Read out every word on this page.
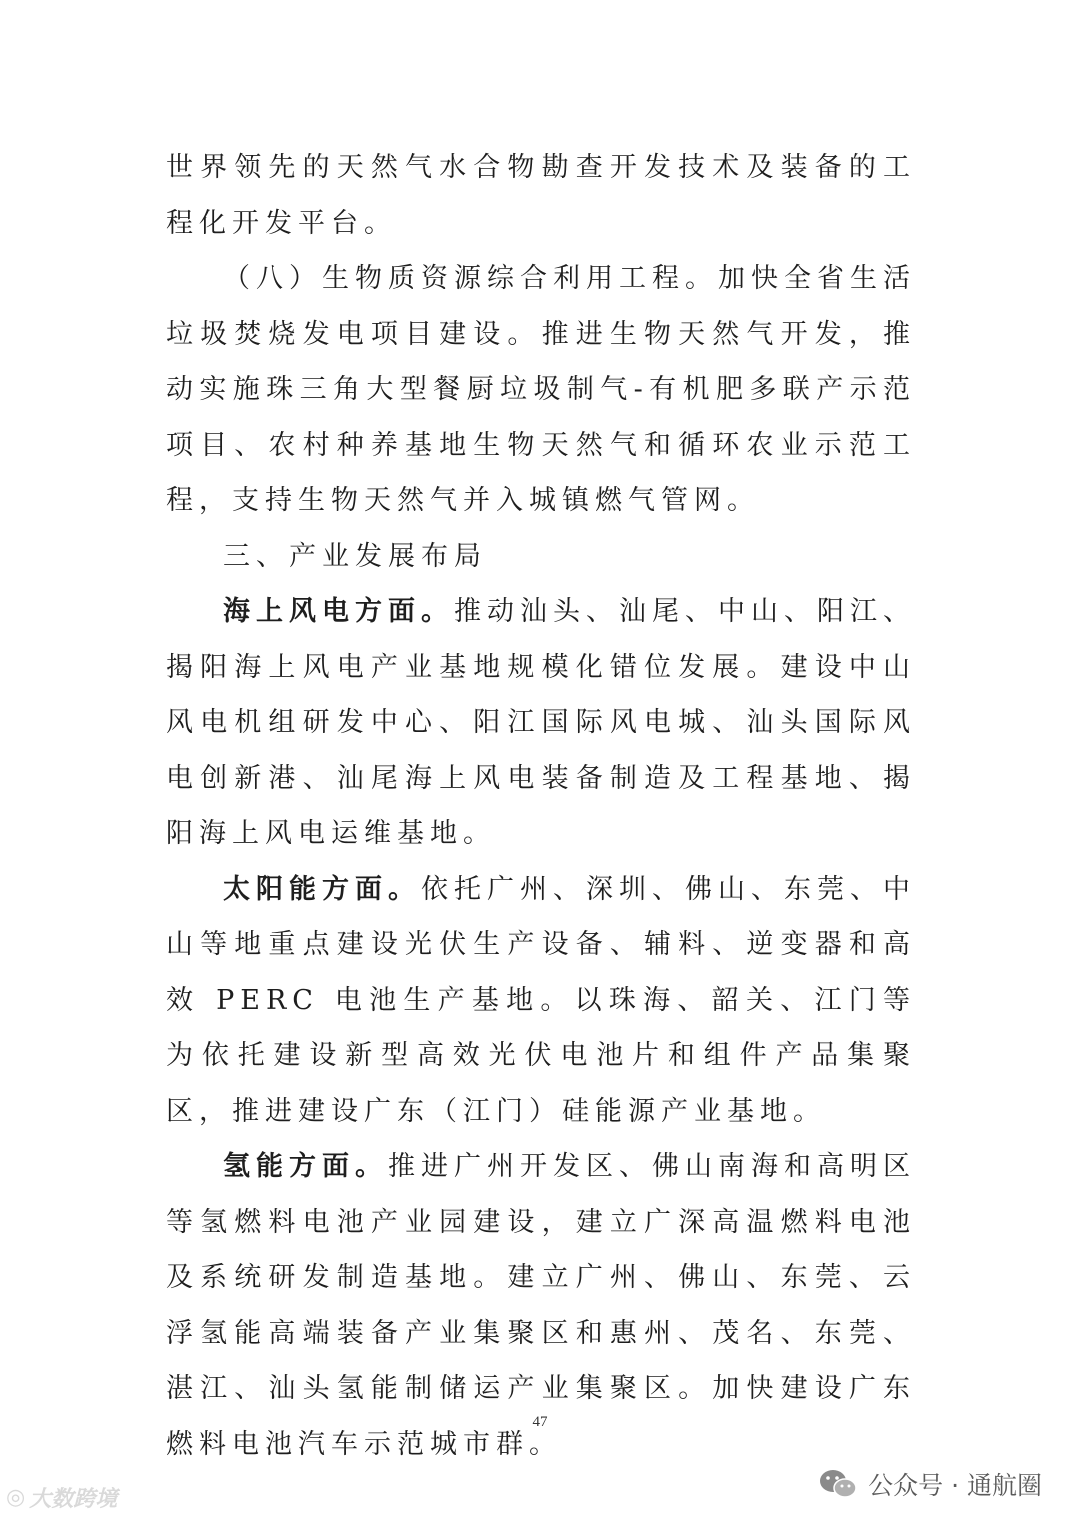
世界领先的天然气水合物勘查开发技术及装备的工程化开发平台。

（八）生物质资源综合利用工程。加快全省生活垃圾焚烧发电项目建设。推进生物天然气开发，推动实施珠三角大型餐厨垃圾制气-有机肥多联产示范项目、农村种养基地生物天然气和循环农业示范工程，支持生物天然气并入城镇燃气管网。

三、产业发展布局

海上风电方面。推动汕头、汕尾、中山、阳江、揭阳海上风电产业基地规模化错位发展。建设中山风电机组研发中心、阳江国际风电城、汕头国际风电创新港、汕尾海上风电装备制造及工程基地、揭阳海上风电运维基地。

太阳能方面。依托广州、深圳、佛山、东莞、中山等地重点建设光伏生产设备、辅料、逆变器和高效 PERC 电池生产基地。以珠海、韶关、江门等为依托建设新型高效光伏电池片和组件产品集聚区，推进建设广东（江门）硅能源产业基地。

氢能方面。推进广州开发区、佛山南海和高明区等氢燃料电池产业园建设，建立广深高温燃料电池及系统研发制造基地。建立广州、佛山、东莞、云浮氢能高端装备产业集聚区和惠州、茂名、东莞、湛江、汕头氢能制储运产业集聚区。加快建设广东燃料电池汽车示范城市群。

47
◎ 大数跨境	公众号 · 通航圈
